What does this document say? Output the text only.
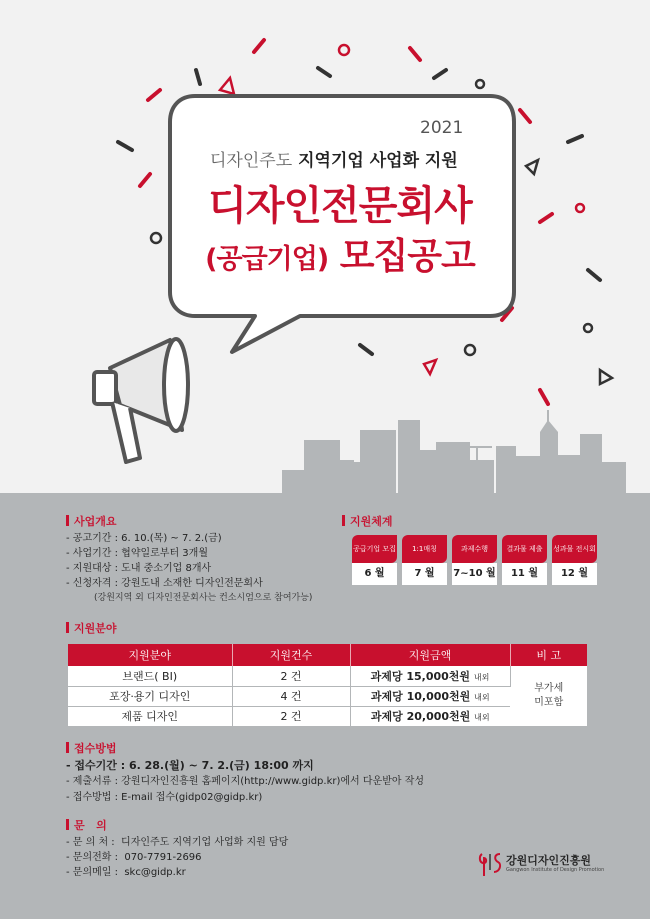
2021
디자인주도 지역기업 사업화 지원
디자인전문회사
(공급기업) 모집공고
사업개요
- 공고기간 : 6. 10.(목) ~ 7. 2.(금)
- 사업기간 : 협약일로부터 3개월
- 지원대상 : 도내 중소기업 8개사
- 신청자격 : 강원도내 소재한 디자인전문회사
(강원지역 외 디자인전문회사는 컨소시엄으로 참여가능)
지원체계
공급기업 모집
6 월
1:1매칭
7 월
과제수행
7~10 월
결과물 제출
11 월
성과물 전시회
12 월
지원분야
지원분야	지원건수	지원금액	비 고
브랜드( BI)	2 건	과제당 15,000천원 내외	부가세
미포함

포장·용기 디자인	4 건	과제당 10,000천원 내외	
제품 디자인	2 건	과제당 20,000천원 내외	
접수방법
- 접수기간 : 6. 28.(월) ~ 7. 2.(금) 18:00 까지
- 제출서류 : 강원디자인진흥원 홈페이지(http://www.gidp.kr)에서 다운받아 작성
- 접수방법 : E-mail 접수(gidp02@gidp.kr)
문   의
- 문 의 처 :  디자인주도 지역기업 사업화 지원 담당
- 문의전화 :  070-7791-2696
- 문의메일 :  skc@gidp.kr
강원디자인진흥원
Gangwon Institute of Design Promotion
